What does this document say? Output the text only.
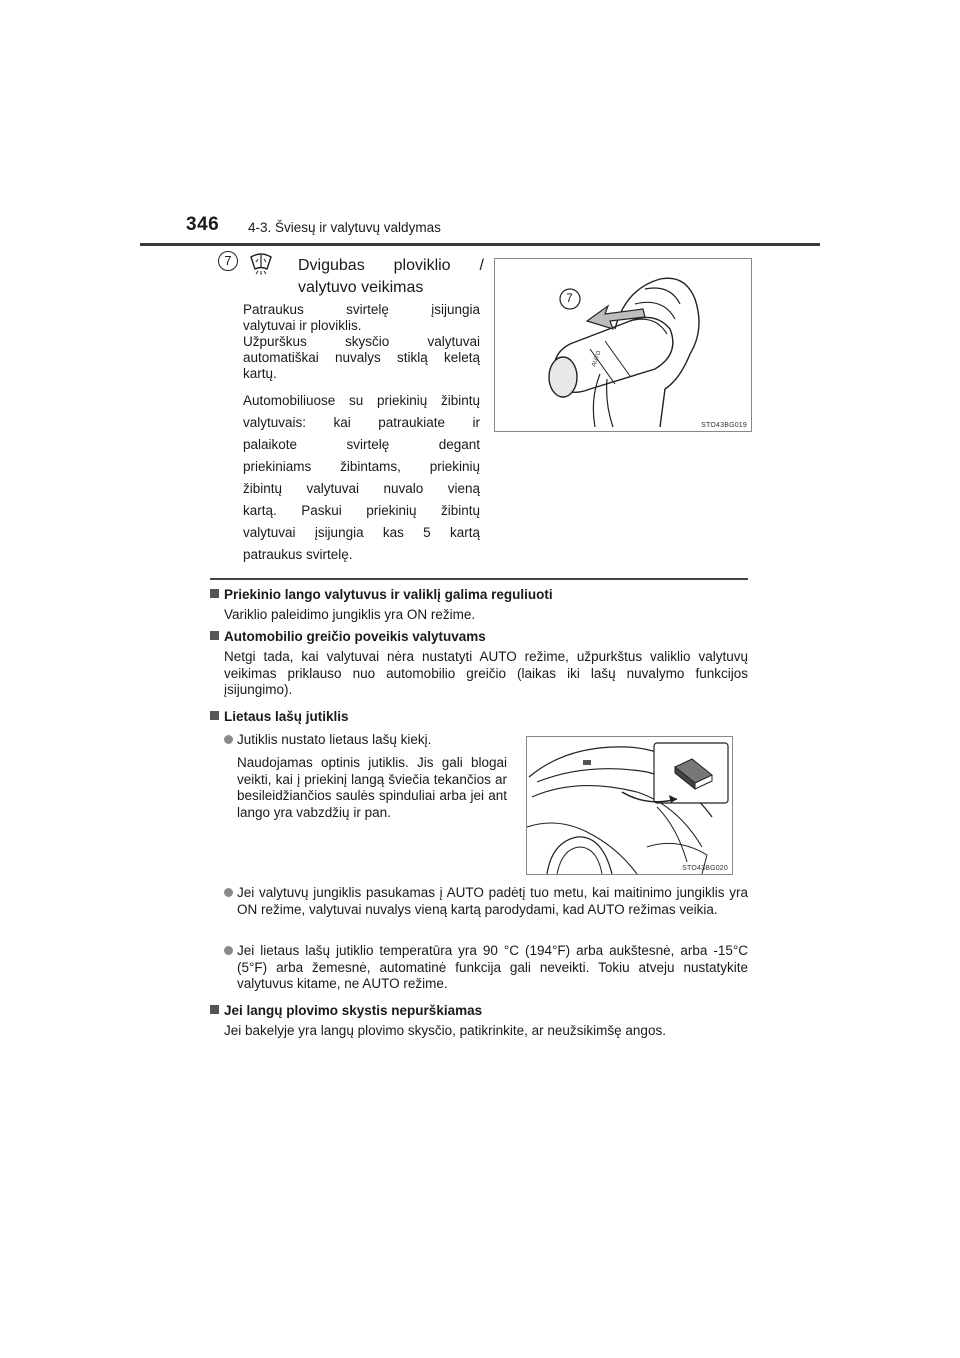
346 4-3. Šviesų ir valytuvų valdymas
7	Dvigubas ploviklio /
valytuvo veikimas

Patraukus svirtelę įsijungia

valytuvai ir ploviklis.

Užpurškus skysčio valytuvai

automatiškai nuvalys stiklą keletą

kartų.

Automobiliuose su priekinių žibintų

valytuvais: kai patraukiate ir

palaikote svirtelę degant

priekiniams žibintams, priekinių

žibintų valytuvai nuvalo vieną

kartą. Paskui priekinių žibintų

valytuvai įsijungia kas 5 kartą

patraukus svirtelę.

AUTO
7
STO43BG019
Priekinio lango valytuvus ir valiklį galima reguliuoti
Variklio paleidimo jungiklis yra ON režime.
Automobilio greičio poveikis valytuvams
Netgi tada, kai valytuvai nėra nustatyti AUTO režime, užpurkštus valiklio valytuvų veikimas priklauso nuo automobilio greičio (laikas iki lašų nuvalymo funkcijos įsijungimo).
Lietaus lašų jutiklis
Jutiklis nustato lietaus lašų kiekį.
Naudojamas optinis jutiklis. Jis gali blogai veikti, kai į priekinį langą šviečia tekančios ar besileidžiančios saulės spinduliai arba jei ant lango yra vabzdžių ir pan.
Jei valytuvų jungiklis pasukamas į AUTO padėtį tuo metu, kai maitinimo jungiklis yra ON režime, valytuvai nuvalys vieną kartą parodydami, kad AUTO režimas veikia.
Jei lietaus lašų jutiklio temperatūra yra 90 °C (194°F) arba aukštesnė, arba -15°C (5°F) arba žemesnė, automatinė funkcija gali neveikti. Tokiu atveju nustatykite valytuvus kitame, ne AUTO režime.
Jei langų plovimo skystis nepurškiamas
Jei bakelyje yra langų plovimo skysčio, patikrinkite, ar neužsikimšę angos.
STO43BG020
